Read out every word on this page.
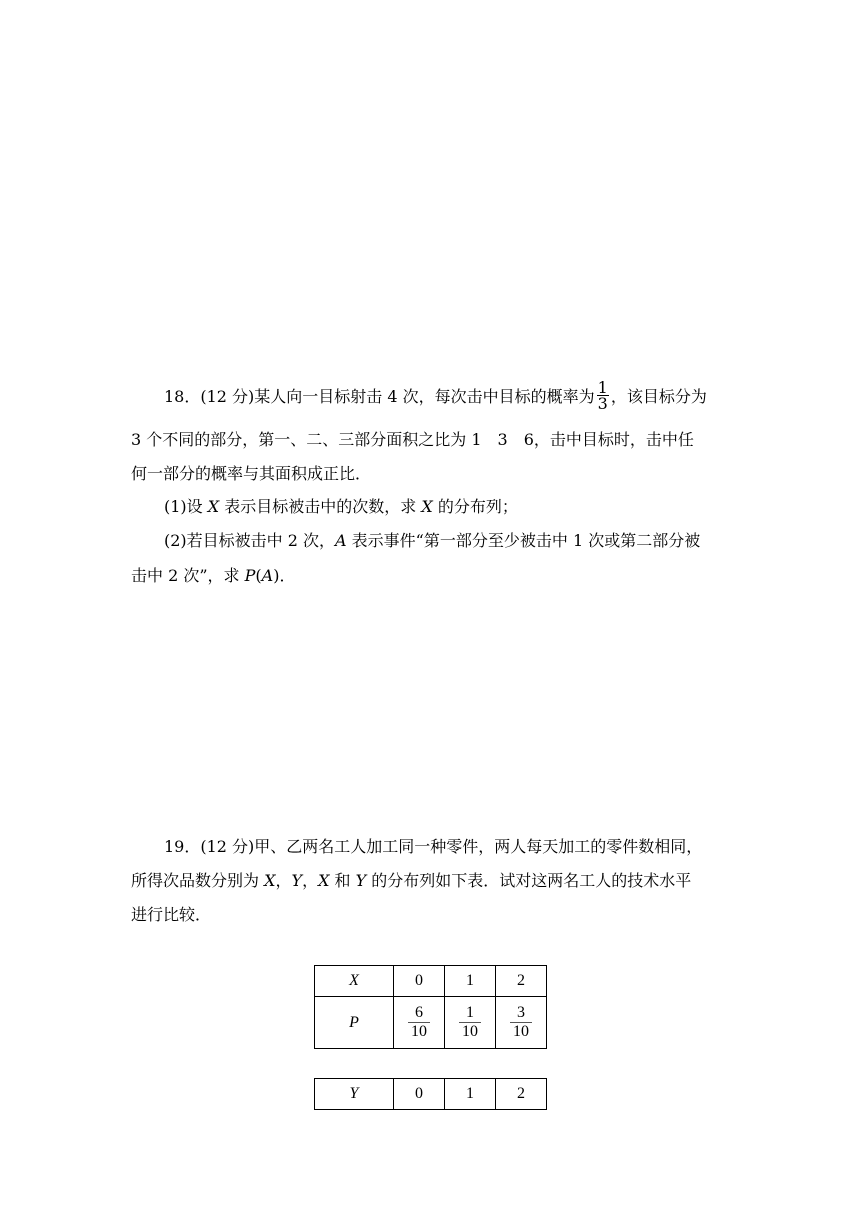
18．(12 分)某人向一目标射击 4 次，每次击中目标的概率为 $\frac{1}{3}$ ，该目标分为
3 个不同的部分，第一、二、三部分面积之比为 1　3　6，击中目标时，击中任
何一部分的概率与其面积成正比．
(1)设 X 表示目标被击中的次数，求 X 的分布列；
(2)若目标被击中 2 次，A 表示事件“第一部分至少被击中 1 次或第二部分被
击中 2 次”，求 P(A)．
19．(12 分)甲、乙两名工人加工同一种零件，两人每天加工的零件数相同，
所得次品数分别为 X，Y，X 和 Y 的分布列如下表．试对这两名工人的技术水平
进行比较．
X	0	1	2
P	$\frac{6}{10}$	$\frac{1}{10}$	$\frac{3}{10}$
Y	0	1	2
